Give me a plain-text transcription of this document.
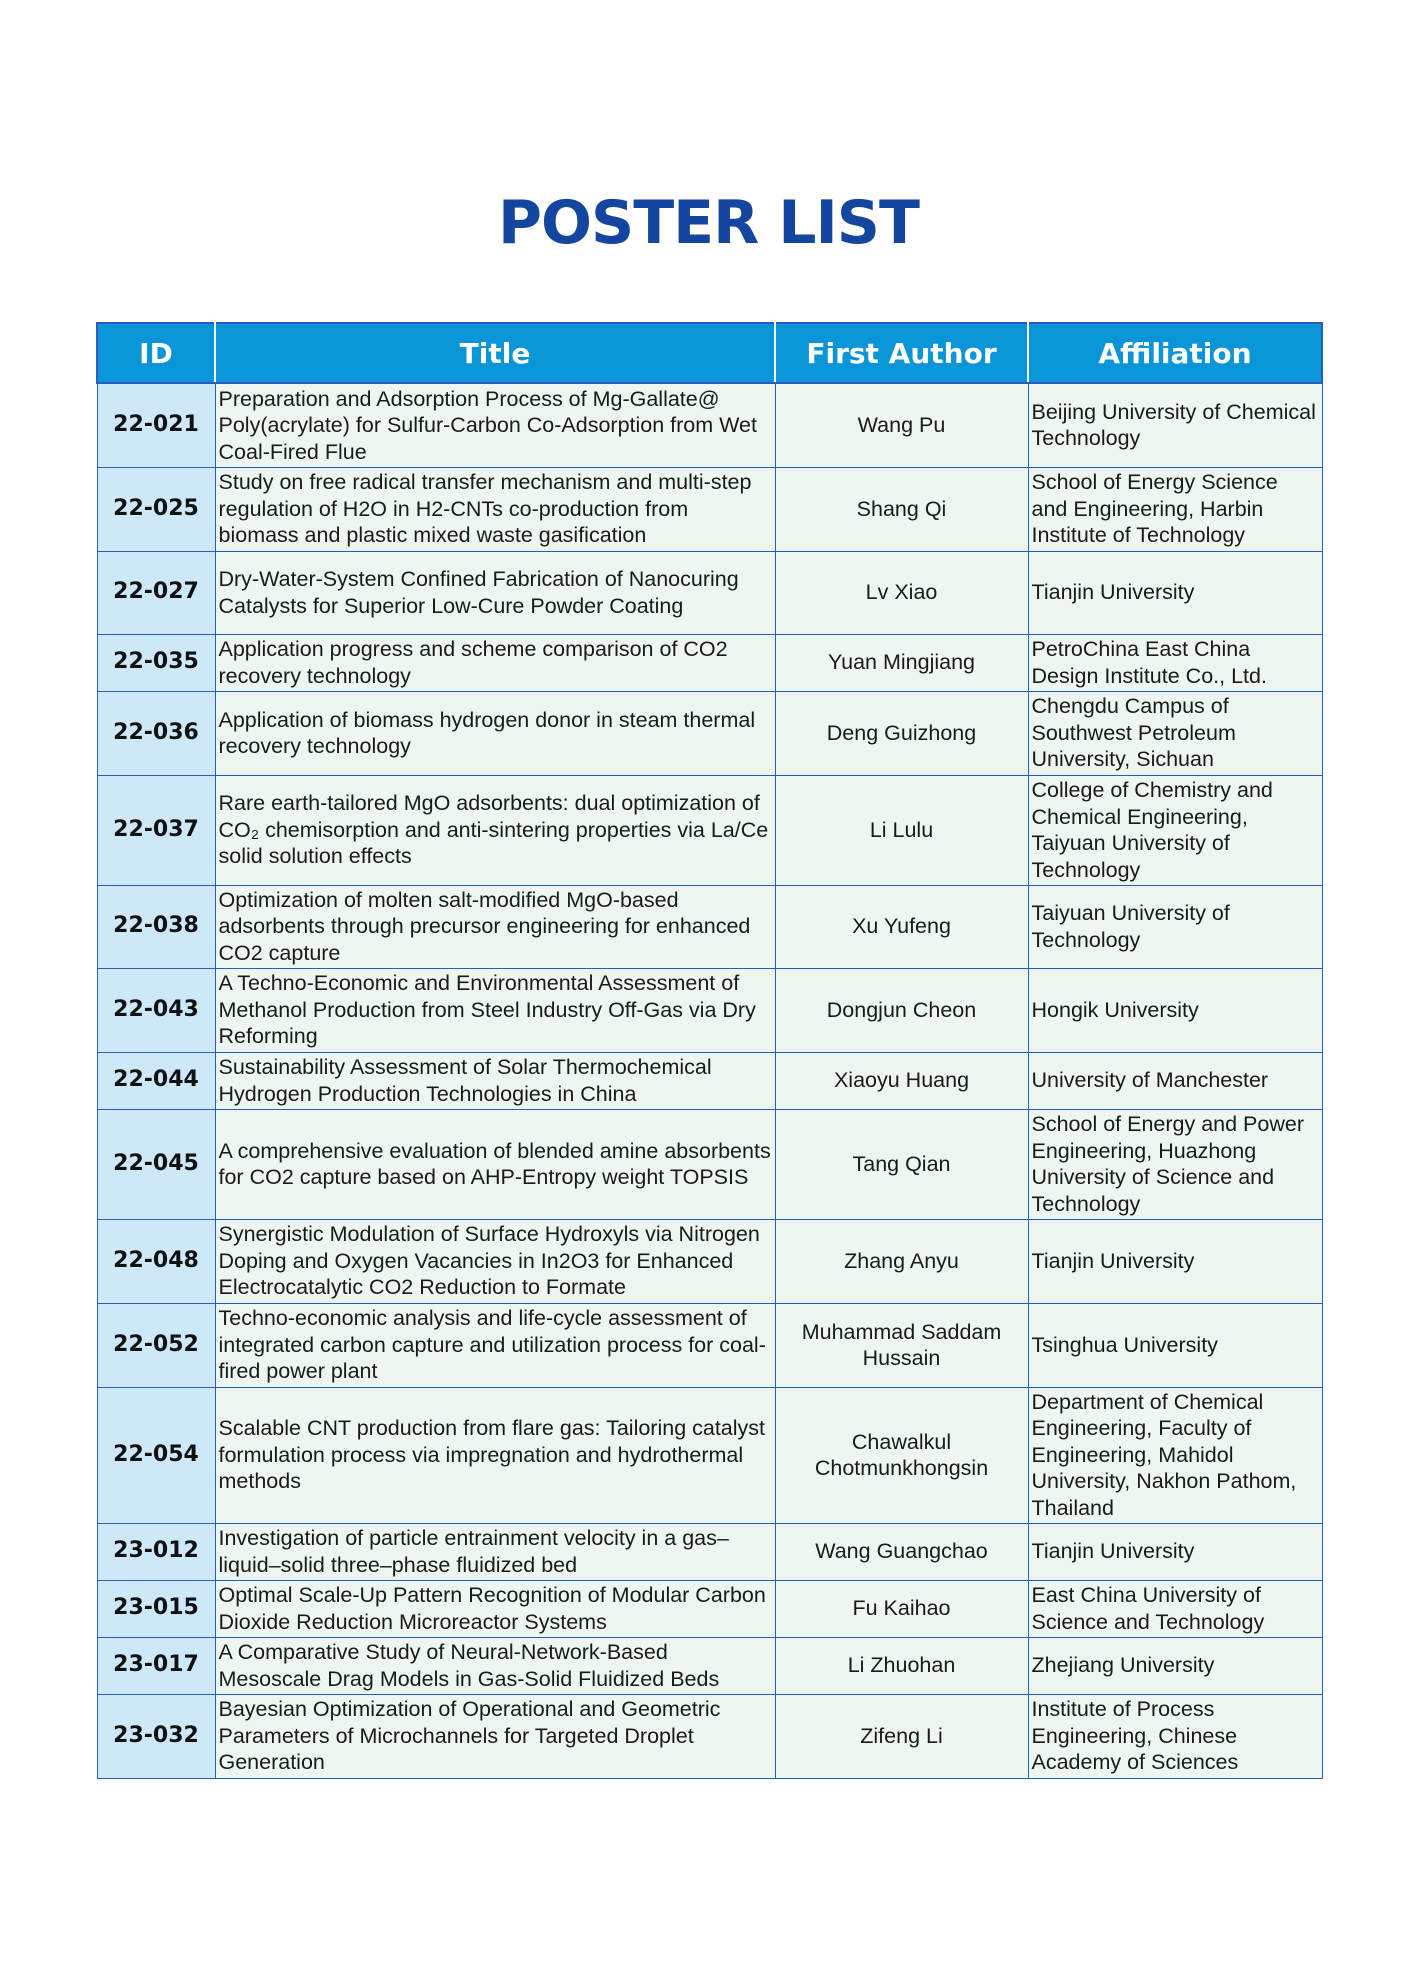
POSTER LIST
ID	Title	First Author	Affiliation
22-021	Preparation and Adsorption Process of Mg-Gallate@ Poly(acrylate) for Sulfur-Carbon Co-Adsorption from Wet Coal-Fired Flue	Wang Pu	Beijing University of Chemical Technology
22-025	Study on free radical transfer mechanism and multi-step regulation of H2O in H2-CNTs co-production from biomass and plastic mixed waste gasification	Shang Qi	School of Energy Science and Engineering, Harbin Institute of Technology
22-027	Dry-Water-System Confined Fabrication of Nanocuring Catalysts for Superior Low-Cure Powder Coating	Lv Xiao	Tianjin University
22-035	Application progress and scheme comparison of CO2 recovery technology	Yuan Mingjiang	PetroChina East China Design Institute Co., Ltd.
22-036	Application of biomass hydrogen donor in steam thermal recovery technology	Deng Guizhong	Chengdu Campus of Southwest Petroleum University, Sichuan
22-037	Rare earth-tailored MgO adsorbents: dual optimization of CO₂ chemisorption and anti-sintering properties via La/Ce solid solution effects	Li Lulu	College of Chemistry and Chemical Engineering, Taiyuan University of Technology
22-038	Optimization of molten salt-modified MgO-based adsorbents through precursor engineering for enhanced CO2 capture	Xu Yufeng	Taiyuan University of Technology
22-043	A Techno-Economic and Environmental Assessment of Methanol Production from Steel Industry Off-Gas via Dry Reforming	Dongjun Cheon	Hongik University
22-044	Sustainability Assessment of Solar Thermochemical Hydrogen Production Technologies in China	Xiaoyu Huang	University of Manchester
22-045	A comprehensive evaluation of blended amine absorbents for CO2 capture based on AHP-Entropy weight TOPSIS	Tang Qian	School of Energy and Power Engineering, Huazhong University of Science and Technology
22-048	Synergistic Modulation of Surface Hydroxyls via Nitrogen Doping and Oxygen Vacancies in In2O3 for Enhanced Electrocatalytic CO2 Reduction to Formate	Zhang Anyu	Tianjin University
22-052	Techno-economic analysis and life-cycle assessment of integrated carbon capture and utilization process for coal-fired power plant	Muhammad Saddam Hussain	Tsinghua University
22-054	Scalable CNT production from flare gas: Tailoring catalyst formulation process via impregnation and hydrothermal methods	Chawalkul Chotmunkhongsin	Department of Chemical Engineering, Faculty of Engineering, Mahidol University, Nakhon Pathom, Thailand
23-012	Investigation of particle entrainment velocity in a gas–liquid–solid three–phase fluidized bed	Wang Guangchao	Tianjin University
23-015	Optimal Scale-Up Pattern Recognition of Modular Carbon Dioxide Reduction Microreactor Systems	Fu Kaihao	East China University of Science and Technology
23-017	A Comparative Study of Neural-Network-Based Mesoscale Drag Models in Gas-Solid Fluidized Beds	Li Zhuohan	Zhejiang University
23-032	Bayesian Optimization of Operational and Geometric Parameters of Microchannels for Targeted Droplet Generation	Zifeng Li	Institute of Process Engineering, Chinese Academy of Sciences
